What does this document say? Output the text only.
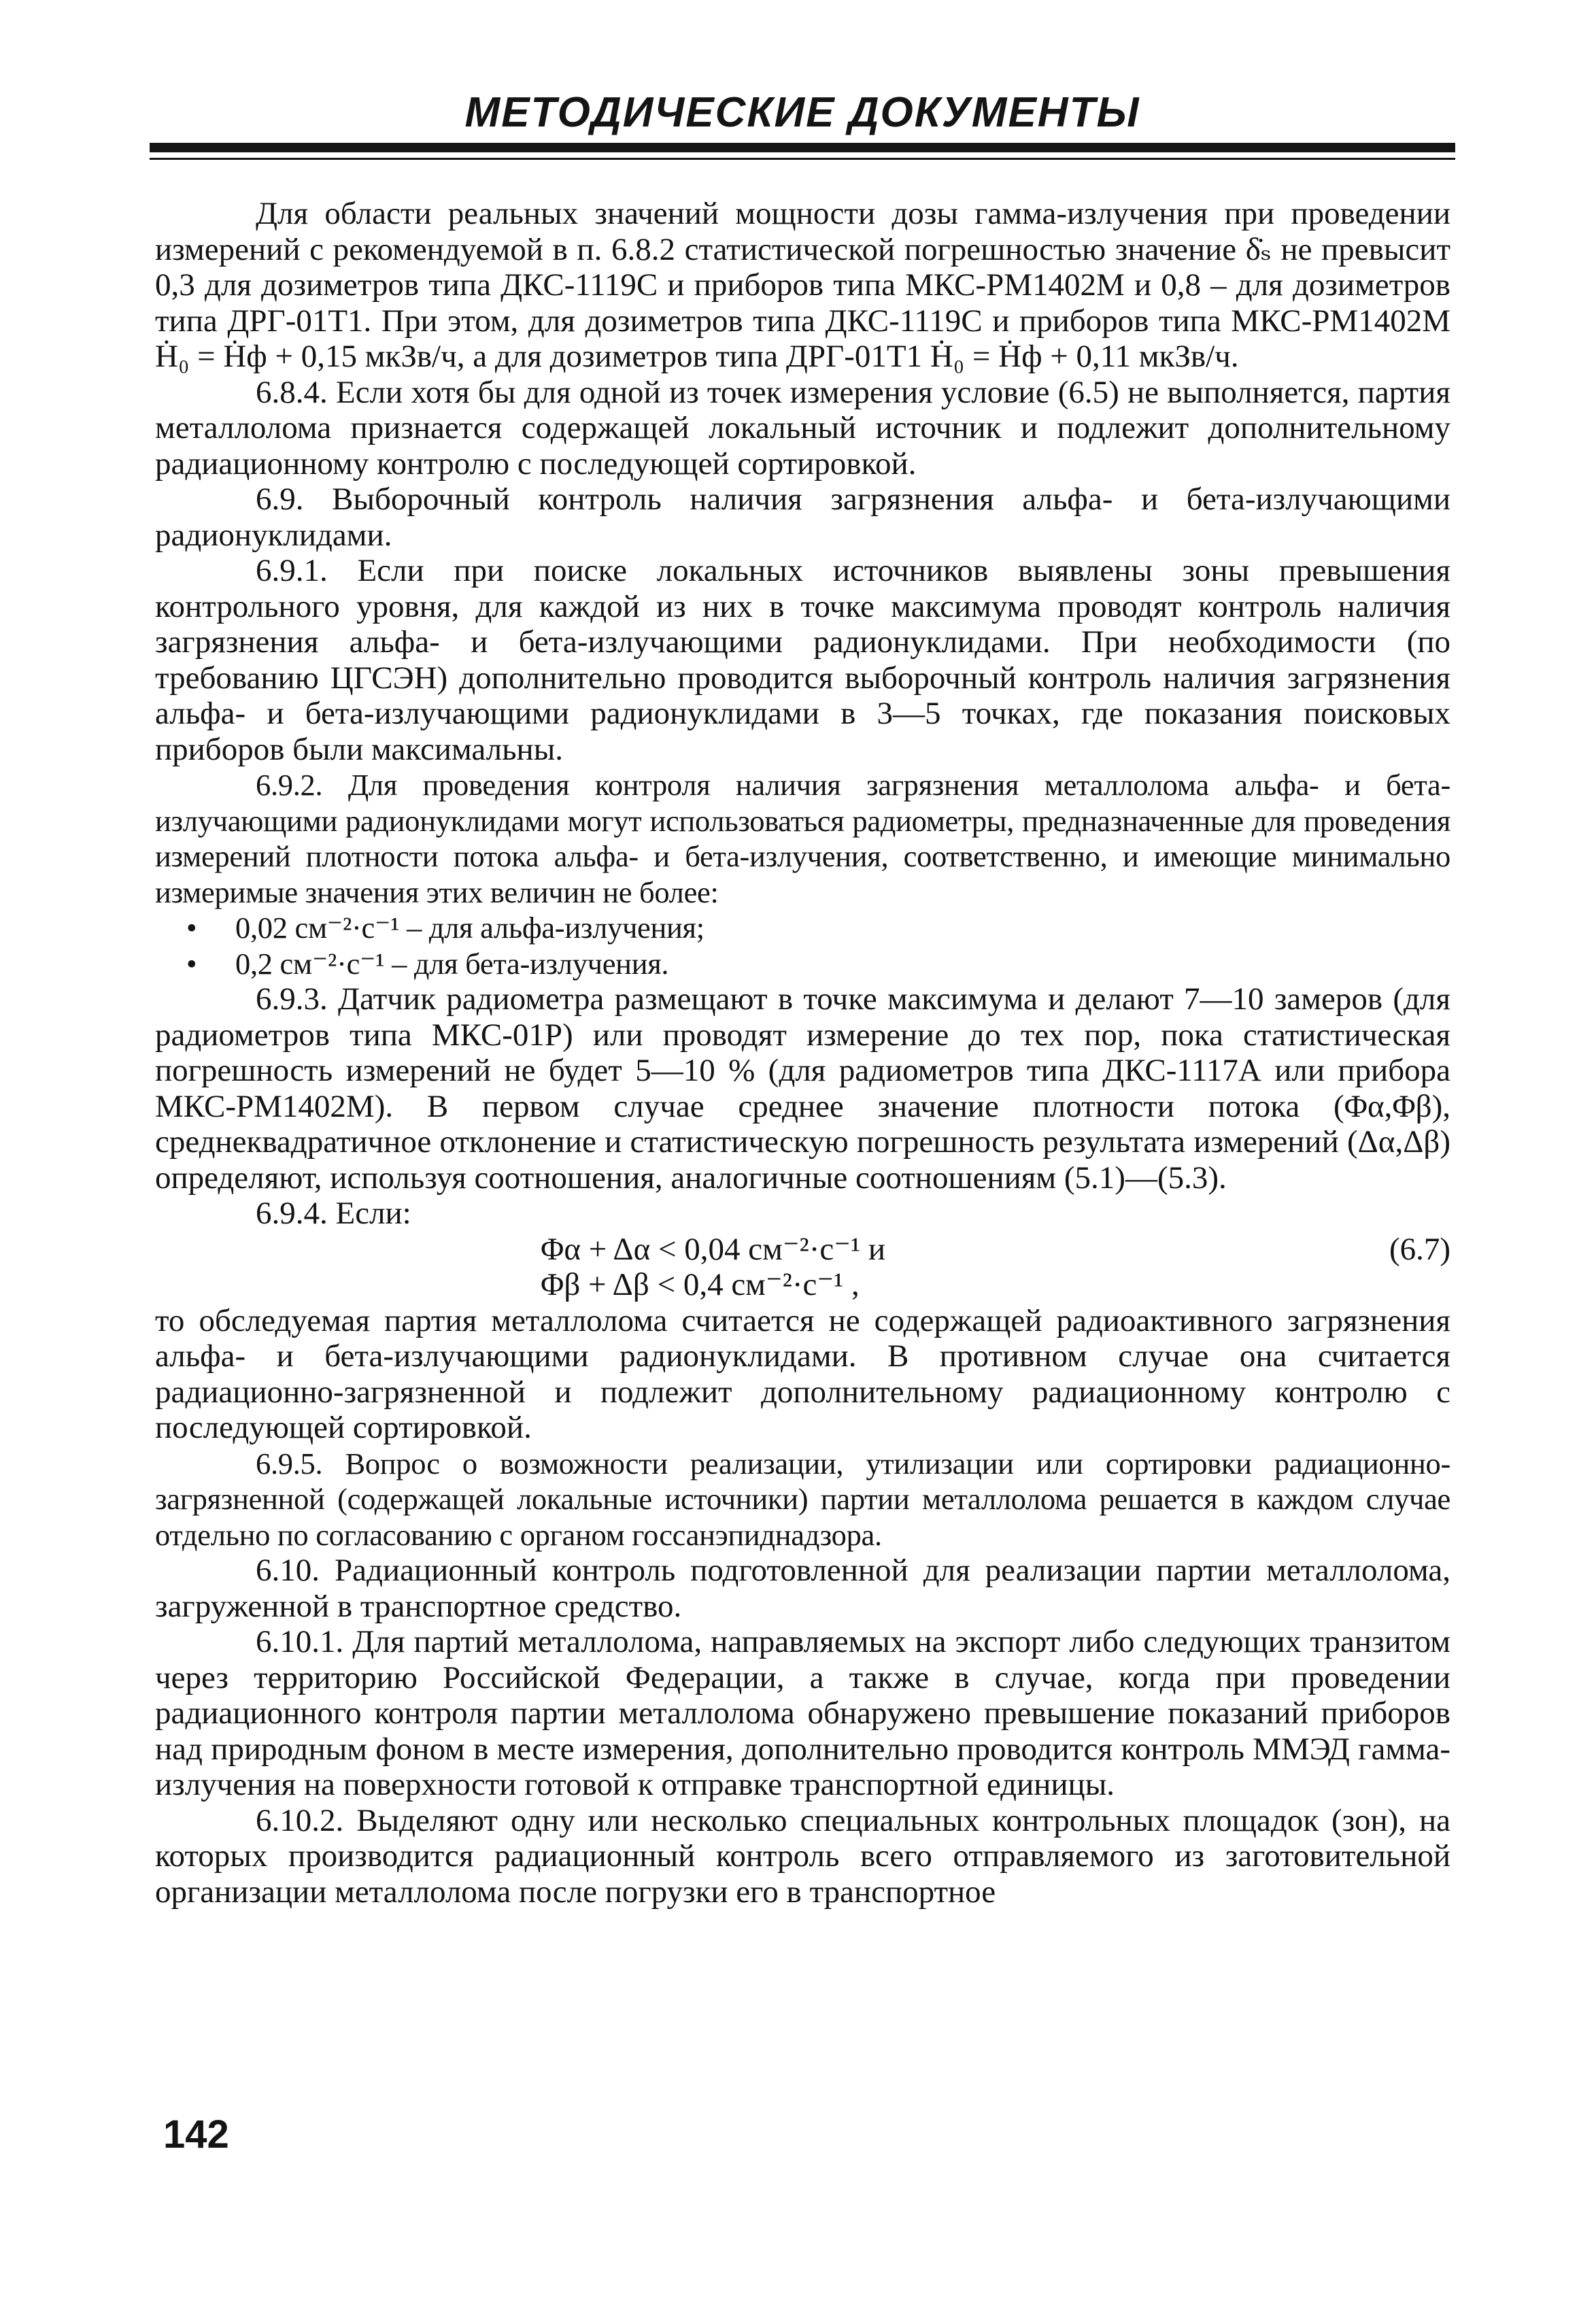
МЕТОДИЧЕСКИЕ ДОКУМЕНТЫ

Для области реальных значений мощности дозы гамма-излучения при проведении измерений с рекомендуемой в п. 6.8.2 статистической погрешностью значение δ̇ₛ не превысит 0,3 для дозиметров типа ДКС-1119С и приборов типа МКС-РМ1402М и 0,8 – для дозиметров типа ДРГ-01Т1. При этом, для дозиметров типа ДКС-1119С и приборов типа МКС-РМ1402М Ḣ₀ = Ḣф + 0,15 мкЗв/ч, а для дозиметров типа ДРГ-01Т1 Ḣ₀ = Ḣф + 0,11 мкЗв/ч.

6.8.4. Если хотя бы для одной из точек измерения условие (6.5) не выполняется, партия металлолома признается содержащей локальный источник и подлежит дополнительному радиационному контролю с последующей сортировкой.

6.9. Выборочный контроль наличия загрязнения альфа- и бета-излучающими радионуклидами.

6.9.1. Если при поиске локальных источников выявлены зоны превышения контрольного уровня, для каждой из них в точке максимума проводят контроль наличия загрязнения альфа- и бета-излучающими радионуклидами. При необходимости (по требованию ЦГСЭН) дополнительно проводится выборочный контроль наличия загрязнения альфа- и бета-излучающими радионуклидами в 3—5 точках, где показания поисковых приборов были максимальны.

6.9.2. Для проведения контроля наличия загрязнения металлолома альфа- и бета-излучающими радионуклидами могут использоваться радиометры, предназначенные для проведения измерений плотности потока альфа- и бета-излучения, соответственно, и имеющие минимально измеримые значения этих величин не более:

• 0,02 см⁻²·с⁻¹ – для альфа-излучения;

• 0,2 см⁻²·с⁻¹ – для бета-излучения.

6.9.3. Датчик радиометра размещают в точке максимума и делают 7—10 замеров (для радиометров типа МКС-01Р) или проводят измерение до тех пор, пока статистическая погрешность измерений не будет 5—10 % (для радиометров типа ДКС-1117А или прибора МКС-РМ1402М). В первом случае среднее значение плотности потока (Φα,Φβ), среднеквадратичное отклонение и статистическую погрешность результата измерений (Δα,Δβ) определяют, используя соотношения, аналогичные соотношениям (5.1)—(5.3).

6.9.4. Если:

Φα + Δα < 0,04 см⁻²·с⁻¹ и
Φβ + Δβ < 0,4 см⁻²·с⁻¹ ,
(6.7)

то обследуемая партия металлолома считается не содержащей радиоактивного загрязнения альфа- и бета-излучающими радионуклидами. В противном случае она считается радиационно-загрязненной и подлежит дополнительному радиационному контролю с последующей сортировкой.

6.9.5. Вопрос о возможности реализации, утилизации или сортировки радиационно-загрязненной (содержащей локальные источники) партии металлолома решается в каждом случае отдельно по согласованию с органом госсанэпиднадзора.

6.10. Радиационный контроль подготовленной для реализации партии металлолома, загруженной в транспортное средство.

6.10.1. Для партий металлолома, направляемых на экспорт либо следующих транзитом через территорию Российской Федерации, а также в случае, когда при проведении радиационного контроля партии металлолома обнаружено превышение показаний приборов над природным фоном в месте измерения, дополнительно проводится контроль ММЭД гамма-излучения на поверхности готовой к отправке транспортной единицы.

6.10.2. Выделяют одну или несколько специальных контрольных площадок (зон), на которых производится радиационный контроль всего отправляемого из заготовительной организации металлолома после погрузки его в транспортное

142
